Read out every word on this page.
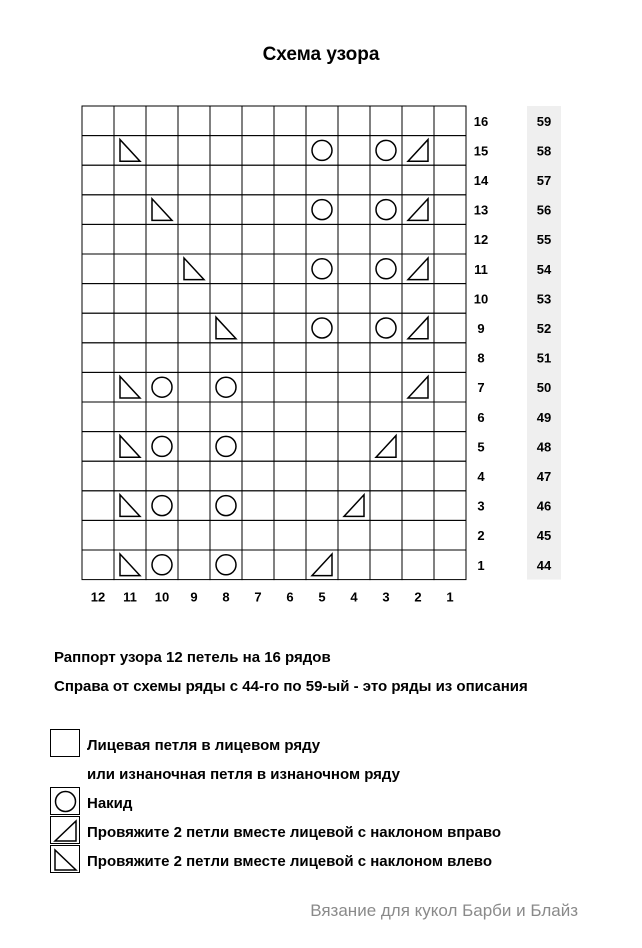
Схема узора
16	59
15	58
14	57
13	56
12	55
11	54
10	53
9	52
8	51
7	50
6	49
5	48
4	47
3	46
2	45
1	44
12 11 10 9 8 7 6 5 4 3 2 1
Раппорт узора 12 петель на 16 рядов
Справа от схемы ряды с 44-го по 59-ый - это ряды из описания
Лицевая петля в лицевом ряду
или изнаночная петля в изнаночном ряду
Накид
Провяжите 2 петли вместе лицевой с наклоном вправо
Провяжите 2 петли вместе лицевой с наклоном влево
Вязание для кукол Барби и Блайз
